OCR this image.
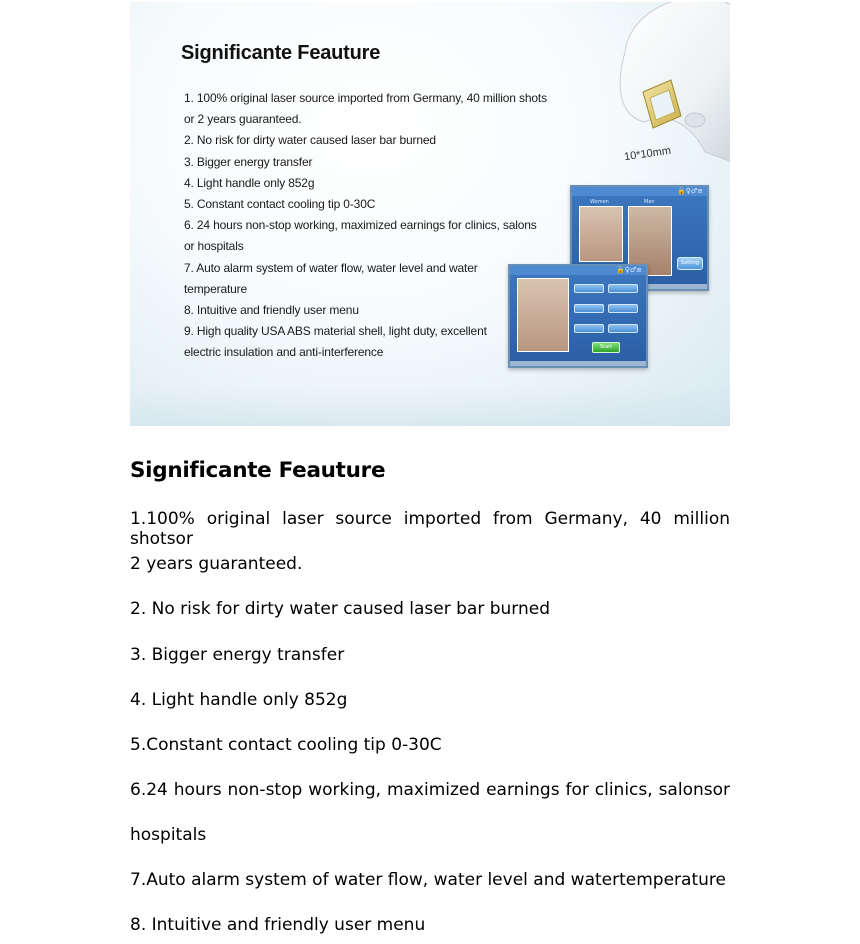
Significante Feauture
1. 100% original laser source imported from Germany, 40 million shots
or 2 years guaranteed.
2. No risk for dirty water caused laser bar burned
3. Bigger energy transfer
4. Light handle only 852g
5. Constant contact cooling tip 0-30C
6. 24 hours non-stop working, maximized earnings for clinics, salons
or hospitals
7. Auto alarm system of water flow, water level and water
temperature
8. Intuitive and friendly user menu
9. High quality USA ABS material shell, light duty, excellent
electric insulation and anti-interference
10*10mm
🔒♀♂≡
Women	Men
Setting
🔒♀♂≡
Start
Significante Feauture

1.100% original laser source imported from Germany, 40 million shotsor

2 years guaranteed.

2. No risk for dirty water caused laser bar burned

3. Bigger energy transfer

4. Light handle only 852g

5.Constant contact cooling tip 0-30C

6.24 hours non-stop working, maximized earnings for clinics, salonsor

hospitals

7.Auto alarm system of water flow, water level and watertemperature

8. Intuitive and friendly user menu
